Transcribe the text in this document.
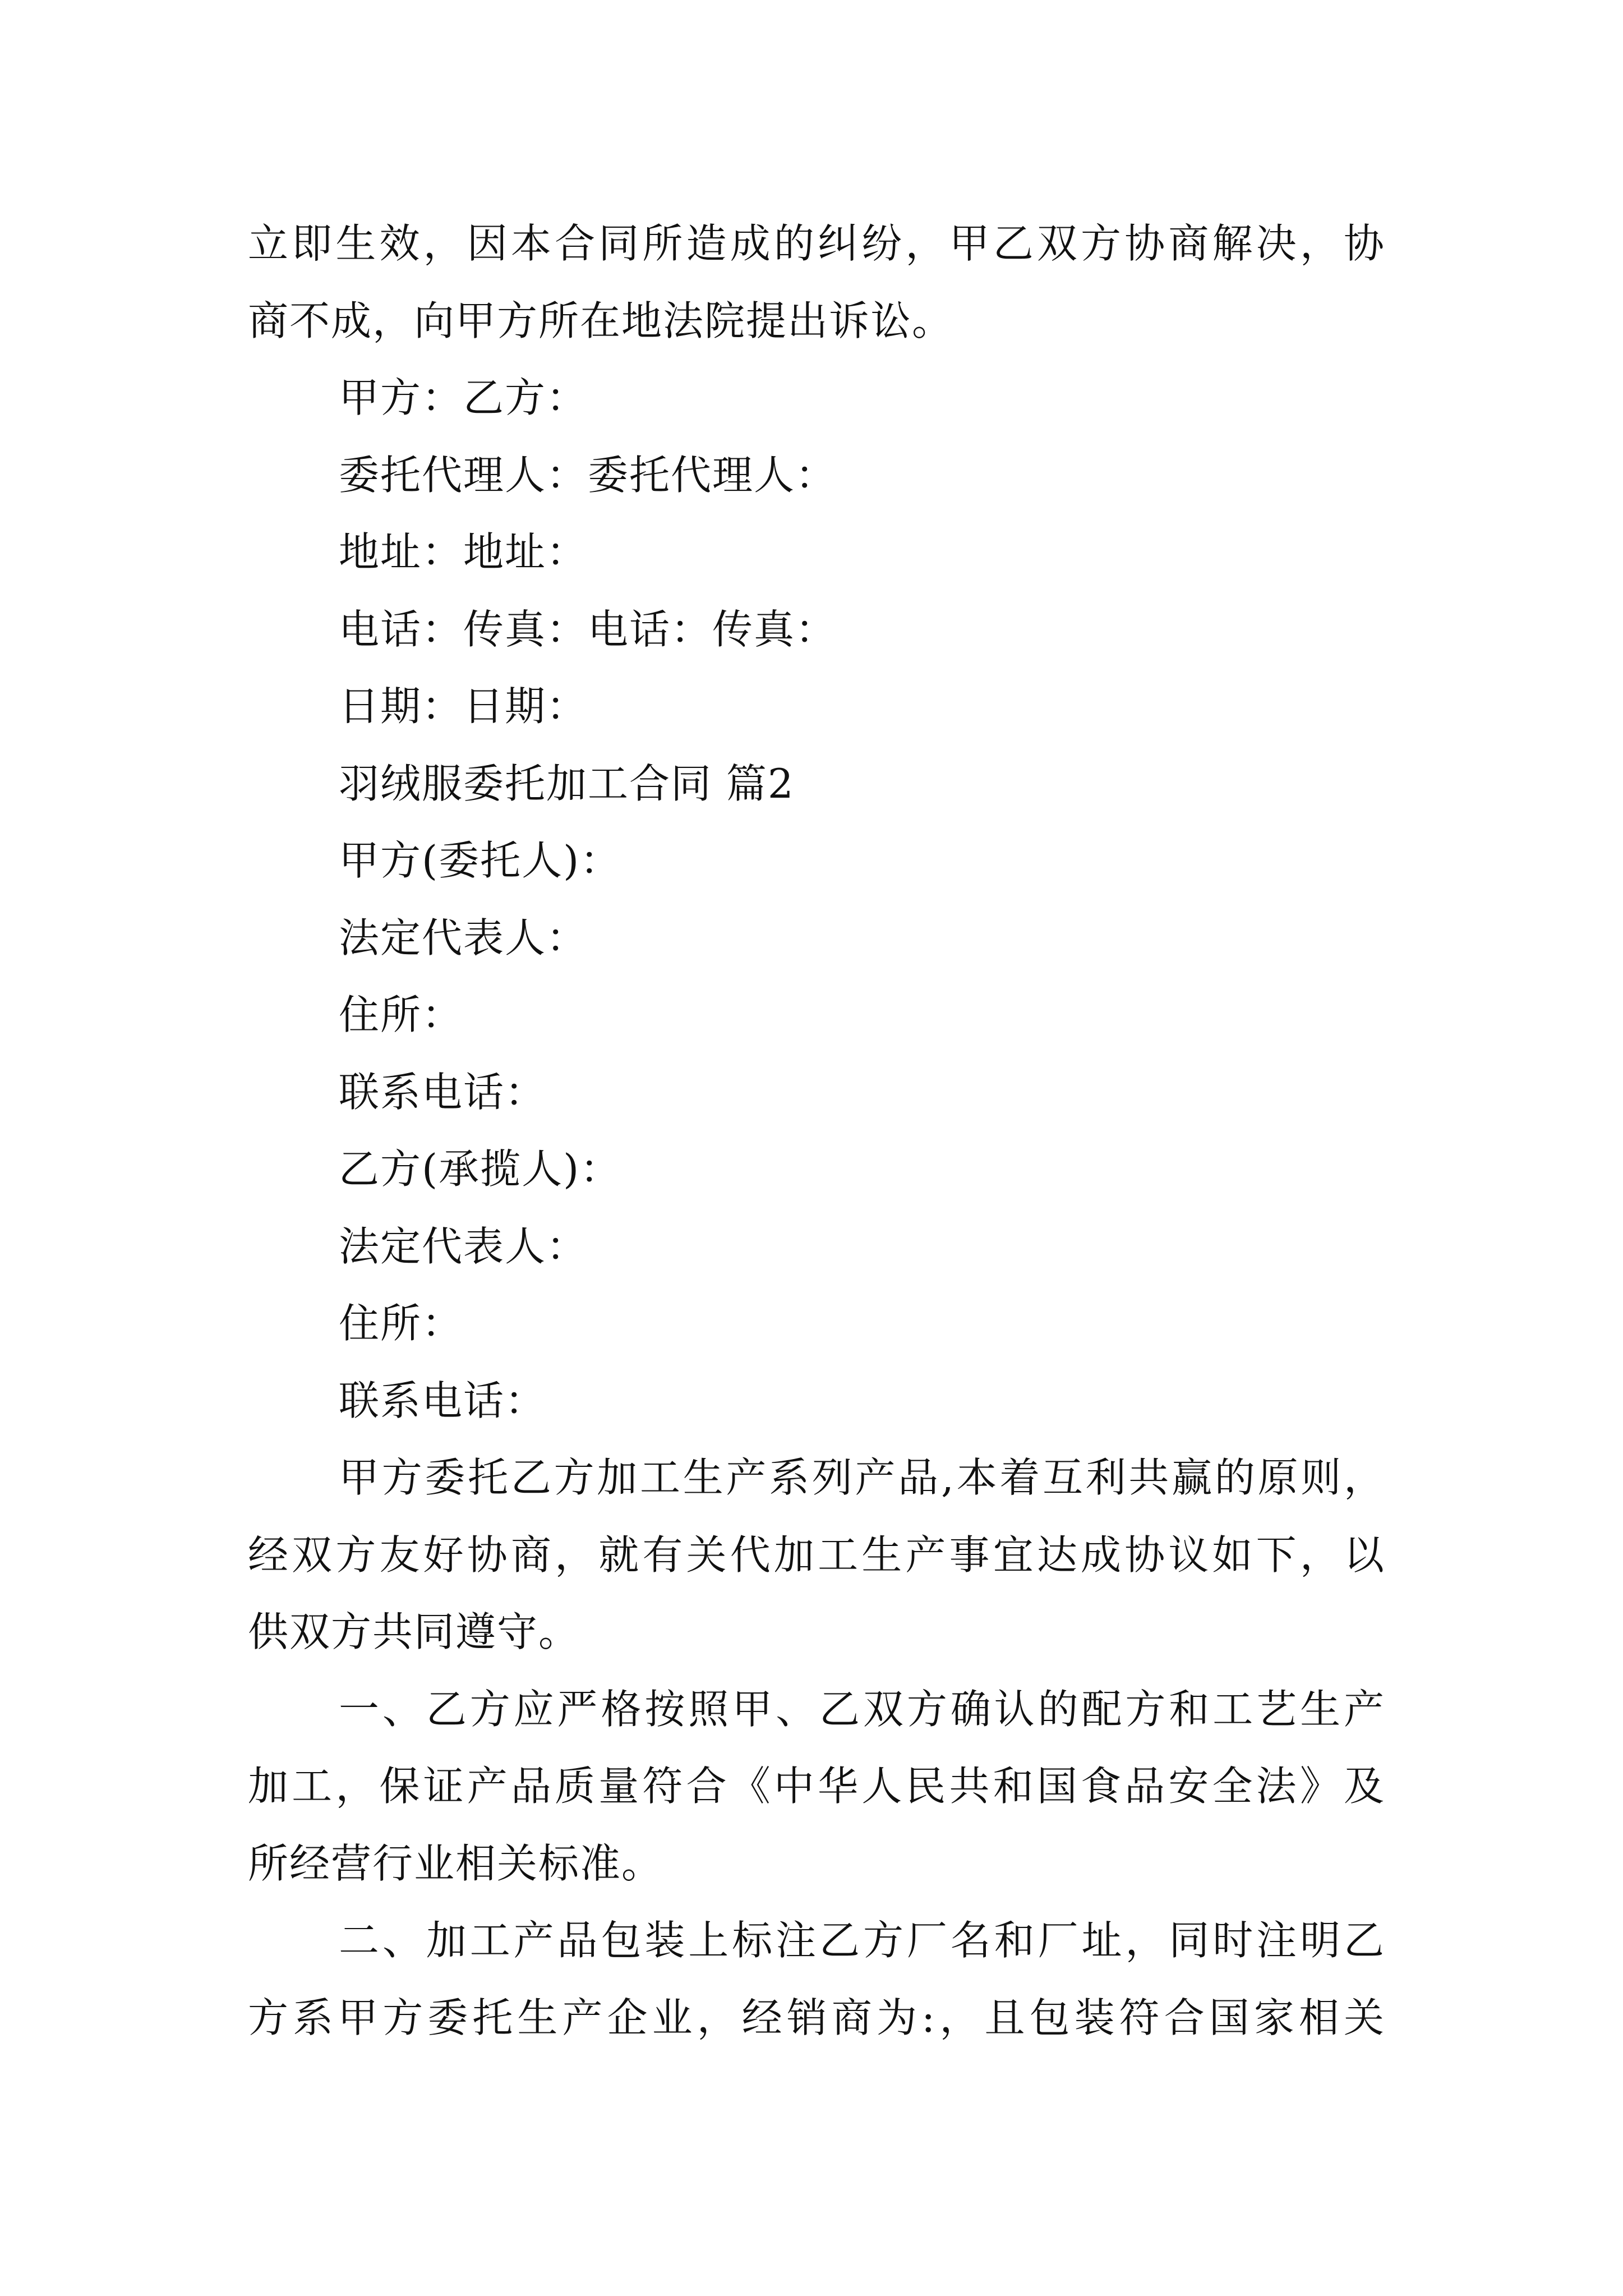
立即生效，因本合同所造成的纠纷，甲乙双方协商解决，协
商不成，向甲方所在地法院提出诉讼。
甲方：乙方：
委托代理人：委托代理人：
地址：地址：
电话：传真：电话：传真：
日期：日期：
羽绒服委托加工合同 篇2
甲方(委托人)：
法定代表人：
住所：
联系电话：
乙方(承揽人)：
法定代表人：
住所：
联系电话：
甲方委托乙方加工生产系列产品,本着互利共赢的原则，
经双方友好协商，就有关代加工生产事宜达成协议如下，以
供双方共同遵守。
一、乙方应严格按照甲、乙双方确认的配方和工艺生产
加工，保证产品质量符合《中华人民共和国食品安全法》及
所经营行业相关标准。
二、加工产品包装上标注乙方厂名和厂址，同时注明乙
方系甲方委托生产企业，经销商为:，且包装符合国家相关
